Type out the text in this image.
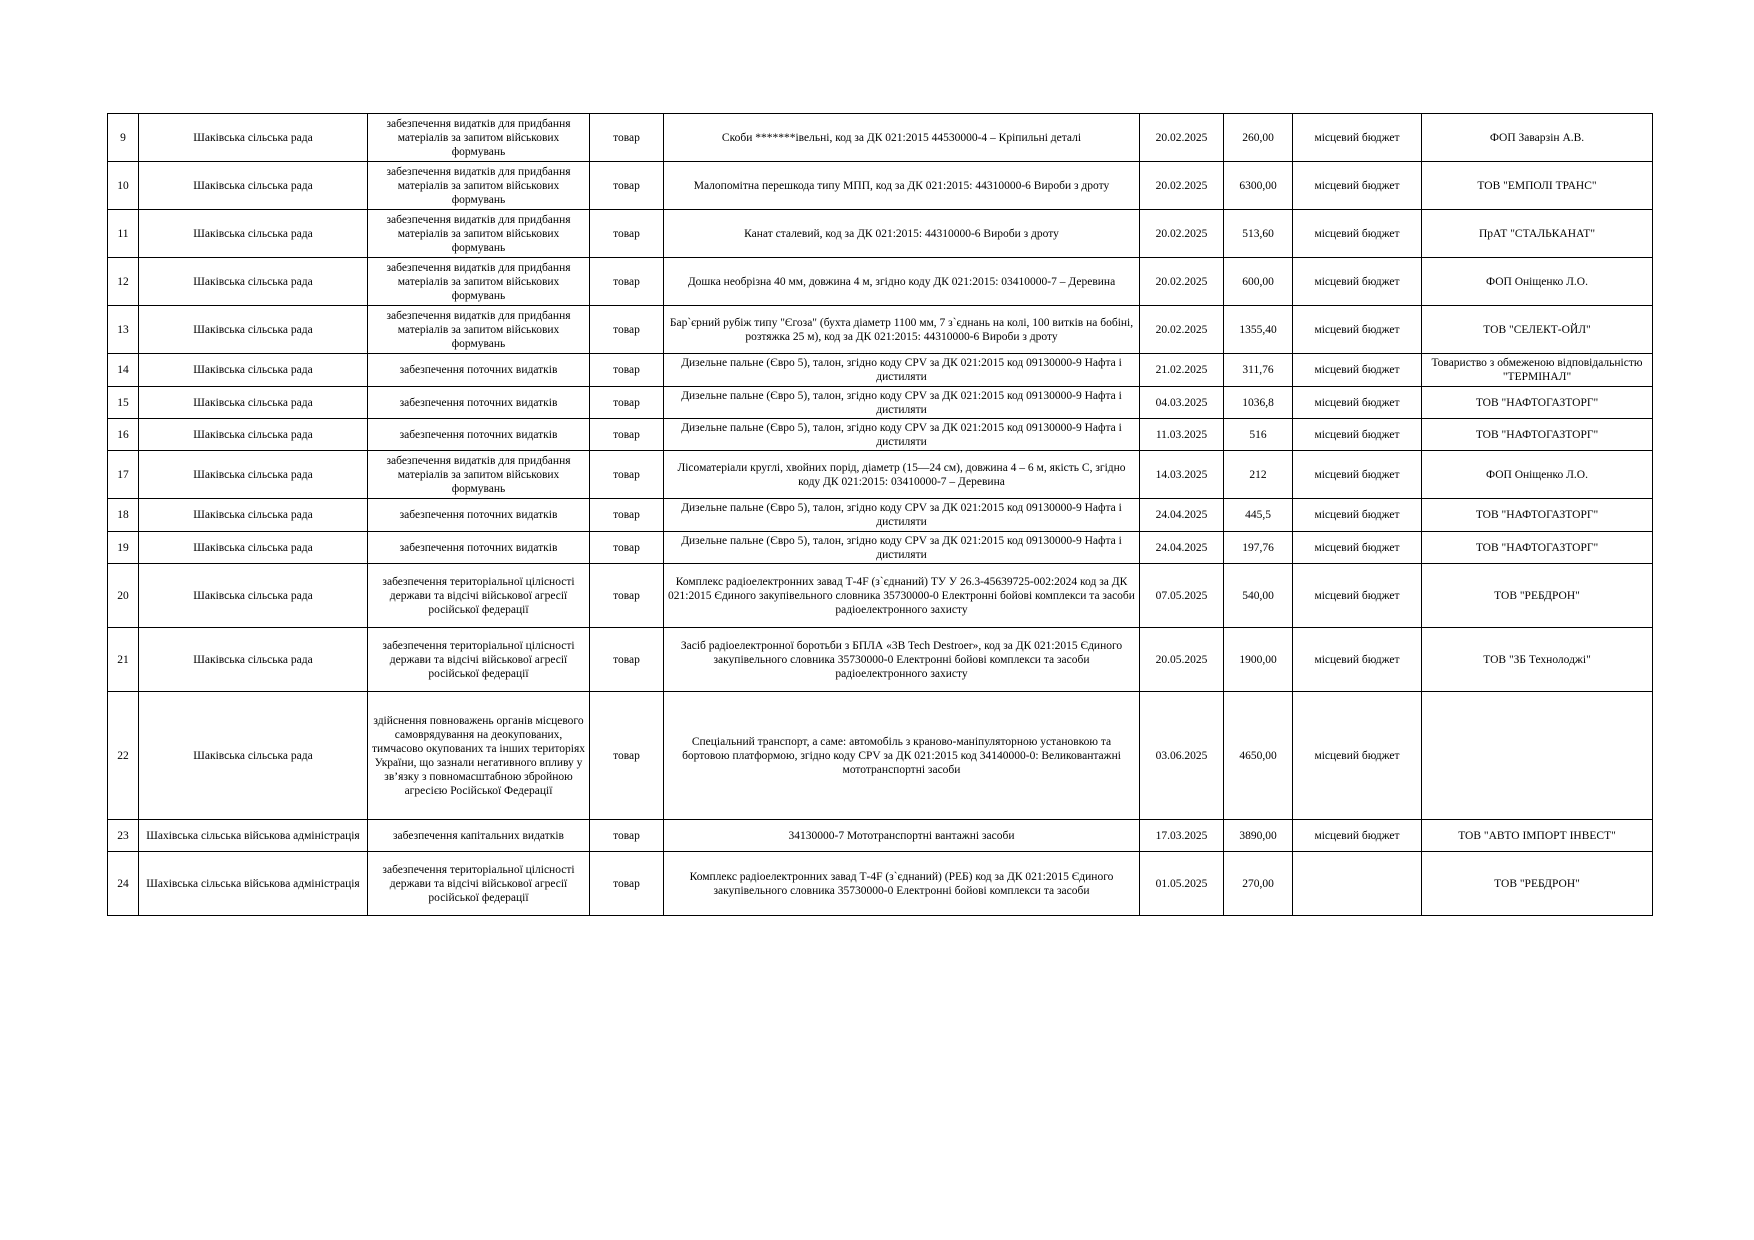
9	Шаківська сільська рада	забезпечення видатків для придбання матеріалів за запитом військових формувань	товар	Скоби *******івельні, код за ДК 021:2015 44530000-4 – Кріпильні деталі	20.02.2025	260,00	місцевий бюджет	ФОП Заварзін А.В.
10	Шаківська сільська рада	забезпечення видатків для придбання матеріалів за запитом військових формувань	товар	Малопомітна перешкода типу МПП, код за ДК 021:2015: 44310000-6 Вироби з дроту	20.02.2025	6300,00	місцевий бюджет	ТОВ "ЕМПОЛІ ТРАНС"
11	Шаківська сільська рада	забезпечення видатків для придбання матеріалів за запитом військових формувань	товар	Канат сталевий, код за ДК 021:2015: 44310000-6 Вироби з дроту	20.02.2025	513,60	місцевий бюджет	ПрАТ "СТАЛЬКАНАТ"
12	Шаківська сільська рада	забезпечення видатків для придбання матеріалів за запитом військових формувань	товар	Дошка необрізна 40 мм, довжина 4 м, згідно коду ДК 021:2015: 03410000-7 – Деревина	20.02.2025	600,00	місцевий бюджет	ФОП Оніщенко Л.О.
13	Шаківська сільська рада	забезпечення видатків для придбання матеріалів за запитом військових формувань	товар	Бар`єрний рубіж типу "Єгоза" (бухта діаметр 1100 мм, 7 з`єднань на колі, 100 витків на бобіні, розтяжка 25 м), код за ДК 021:2015: 44310000-6 Вироби з дроту	20.02.2025	1355,40	місцевий бюджет	ТОВ "СЕЛЕКТ-ОЙЛ"
14	Шаківська сільська рада	забезпечення поточних видатків	товар	Дизельне пальне (Євро 5), талон, згідно коду CPV за ДК 021:2015 код 09130000-9 Нафта і дистиляти	21.02.2025	311,76	місцевий бюджет	Товариство з обмеженою відповідальністю "ТЕРМІНАЛ"
15	Шаківська сільська рада	забезпечення поточних видатків	товар	Дизельне пальне (Євро 5), талон, згідно коду CPV за ДК 021:2015 код 09130000-9 Нафта і дистиляти	04.03.2025	1036,8	місцевий бюджет	ТОВ "НАФТОГАЗТОРГ"
16	Шаківська сільська рада	забезпечення поточних видатків	товар	Дизельне пальне (Євро 5), талон, згідно коду CPV за ДК 021:2015 код 09130000-9 Нафта і дистиляти	11.03.2025	516	місцевий бюджет	ТОВ "НАФТОГАЗТОРГ"
17	Шаківська сільська рада	забезпечення видатків для придбання матеріалів за запитом військових формувань	товар	Лісоматеріали круглі, хвойних порід, діаметр (15—24 см), довжина 4 – 6 м, якість С, згідно коду ДК 021:2015: 03410000-7 – Деревина	14.03.2025	212	місцевий бюджет	ФОП Оніщенко Л.О.
18	Шаківська сільська рада	забезпечення поточних видатків	товар	Дизельне пальне (Євро 5), талон, згідно коду CPV за ДК 021:2015 код 09130000-9 Нафта і дистиляти	24.04.2025	445,5	місцевий бюджет	ТОВ "НАФТОГАЗТОРГ"
19	Шаківська сільська рада	забезпечення поточних видатків	товар	Дизельне пальне (Євро 5), талон, згідно коду CPV за ДК 021:2015 код 09130000-9 Нафта і дистиляти	24.04.2025	197,76	місцевий бюджет	ТОВ "НАФТОГАЗТОРГ"
20	Шаківська сільська рада	забезпечення територіальної цілісності держави та відсічі військової агресії російської федерації	товар	Комплекс радіоелектронних завад Т-4F (з`єднаний) ТУ У 26.3-45639725-002:2024 код за ДК 021:2015 Єдиного закупівельного словника 35730000-0 Електронні бойові комплекси та засоби радіоелектронного захисту	07.05.2025	540,00	місцевий бюджет	ТОВ "РЕБДРОН"
21	Шаківська сільська рада	забезпечення територіальної цілісності держави та відсічі військової агресії російської федерації	товар	Засіб радіоелектронної боротьби з БПЛА «3B Tech Destroer», код за ДК 021:2015 Єдиного закупівельного словника 35730000-0 Електронні бойові комплекси та засоби радіоелектронного захисту	20.05.2025	1900,00	місцевий бюджет	ТОВ "ЗБ Технолоджі"
22	Шаківська сільська рада	здійснення повноважень органів місцевого самоврядування на деокупованих, тимчасово окупованих та інших територіях України, що зазнали негативного впливу у зв’язку з повномасштабною збройною агресією Російської Федерації	товар	Спеціальний транспорт, а саме: автомобіль з краново-маніпуляторною установкою та бортовою платформою, згідно коду CPV за ДК 021:2015 код 34140000-0: Великовантажні мототранспортні засоби	03.06.2025	4650,00	місцевий бюджет	
23	Шахівська сільська військова адміністрація	забезпечення капітальних видатків	товар	34130000-7 Мототранспортні вантажні засоби	17.03.2025	3890,00	місцевий бюджет	ТОВ "АВТО ІМПОРТ ІНВЕСТ"
24	Шахівська сільська військова адміністрація	забезпечення територіальної цілісності держави та відсічі військової агресії російської федерації	товар	Комплекс радіоелектронних завад Т-4F (з`єднаний) (РЕБ) код за ДК 021:2015 Єдиного закупівельного словника 35730000-0 Електронні бойові комплекси та засоби	01.05.2025	270,00		ТОВ "РЕБДРОН"
